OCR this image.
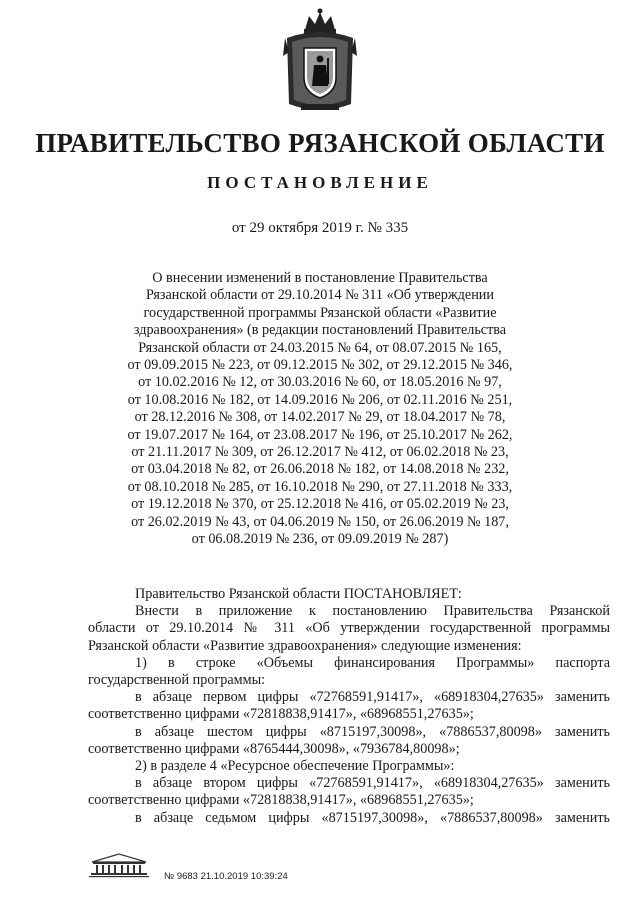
ПРАВИТЕЛЬСТВО РЯЗАНСКОЙ ОБЛАСТИ
ПОСТАНОВЛЕНИЕ
от 29 октября 2019 г. № 335
О внесении изменений в постановление Правительства
Рязанской области от 29.10.2014 № 311 «Об утверждении
государственной программы Рязанской области «Развитие
здравоохранения» (в редакции постановлений Правительства
Рязанской области от 24.03.2015 № 64, от 08.07.2015 № 165,
от 09.09.2015 № 223, от 09.12.2015 № 302, от 29.12.2015 № 346,
от 10.02.2016 № 12, от 30.03.2016 № 60, от 18.05.2016 № 97,
от 10.08.2016 № 182, от 14.09.2016 № 206, от 02.11.2016 № 251,
от 28.12.2016 № 308, от 14.02.2017 № 29, от 18.04.2017 № 78,
от 19.07.2017 № 164, от 23.08.2017 № 196, от 25.10.2017 № 262,
от 21.11.2017 № 309, от 26.12.2017 № 412, от 06.02.2018 № 23,
от 03.04.2018 № 82, от 26.06.2018 № 182, от 14.08.2018 № 232,
от 08.10.2018 № 285, от 16.10.2018 № 290, от 27.11.2018 № 333,
от 19.12.2018 № 370, от 25.12.2018 № 416, от 05.02.2019 № 23,
от 26.02.2019 № 43, от 04.06.2019 № 150, от 26.06.2019 № 187,
от 06.08.2019 № 236, от 09.09.2019 № 287)
Правительство Рязанской области ПОСТАНОВЛЯЕТ:
Внести в приложение к постановлению Правительства Рязанской
области от 29.10.2014 № 311 «Об утверждении государственной программы
Рязанской области «Развитие здравоохранения» следующие изменения:
1) в строке «Объемы финансирования Программы» паспорта
государственной программы:
в абзаце первом цифры «72768591,91417», «68918304,27635» заменить
соответственно цифрами «72818838,91417», «68968551,27635»;
в абзаце шестом цифры «8715197,30098», «7886537,80098» заменить
соответственно цифрами «8765444,30098», «7936784,80098»;
2) в разделе 4 «Ресурсное обеспечение Программы»:
в абзаце втором цифры «72768591,91417», «68918304,27635» заменить
соответственно цифрами «72818838,91417», «68968551,27635»;
в абзаце седьмом цифры «8715197,30098», «7886537,80098» заменить
№ 9683 21.10.2019 10:39:24
